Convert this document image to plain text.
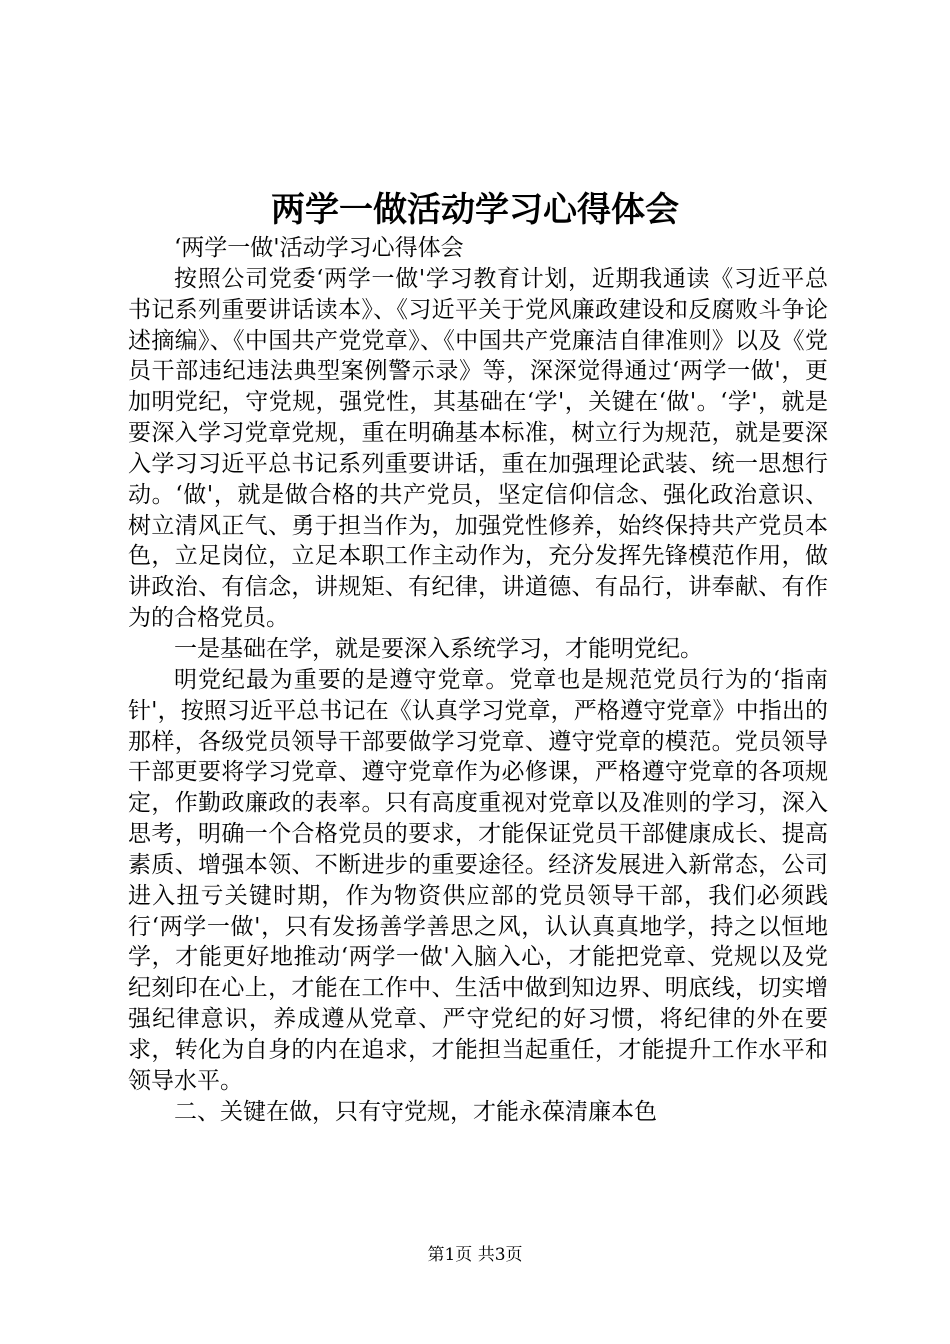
两学一做活动学习心得体会

‘两学一做'活动学习心得体会

按照公司党委‘两学一做'学习教育计划，近期我通读《习近平总书记系列重要讲话读本》、《习近平关于党风廉政建设和反腐败斗争论述摘编》、《中国共产党党章》、《中国共产党廉洁自律准则》以及《党员干部违纪违法典型案例警示录》等，深深觉得通过‘两学一做'，更加明党纪，守党规，强党性，其基础在‘学'，关键在‘做'。‘学'，就是要深入学习党章党规，重在明确基本标准，树立行为规范，就是要深入学习习近平总书记系列重要讲话，重在加强理论武装、统一思想行动。‘做'，就是做合格的共产党员，坚定信仰信念、强化政治意识、树立清风正气、勇于担当作为，加强党性修养，始终保持共产党员本色，立足岗位，立足本职工作主动作为，充分发挥先锋模范作用，做讲政治、有信念，讲规矩、有纪律，讲道德、有品行，讲奉献、有作为的合格党员。

一是基础在学，就是要深入系统学习，才能明党纪。

明党纪最为重要的是遵守党章。党章也是规范党员行为的‘指南针'，按照习近平总书记在《认真学习党章，严格遵守党章》中指出的那样，各级党员领导干部要做学习党章、遵守党章的模范。党员领导干部更要将学习党章、遵守党章作为必修课，严格遵守党章的各项规定，作勤政廉政的表率。只有高度重视对党章以及准则的学习，深入思考，明确一个合格党员的要求，才能保证党员干部健康成长、提高素质、增强本领、不断进步的重要途径。经济发展进入新常态，公司进入扭亏关键时期，作为物资供应部的党员领导干部，我们必须践行‘两学一做'，只有发扬善学善思之风，认认真真地学，持之以恒地学，才能更好地推动‘两学一做'入脑入心，才能把党章、党规以及党纪刻印在心上，才能在工作中、生活中做到知边界、明底线，切实增强纪律意识，养成遵从党章、严守党纪的好习惯，将纪律的外在要求，转化为自身的内在追求，才能担当起重任，才能提升工作水平和领导水平。

二、关键在做，只有守党规，才能永葆清廉本色

第1页 共3页
